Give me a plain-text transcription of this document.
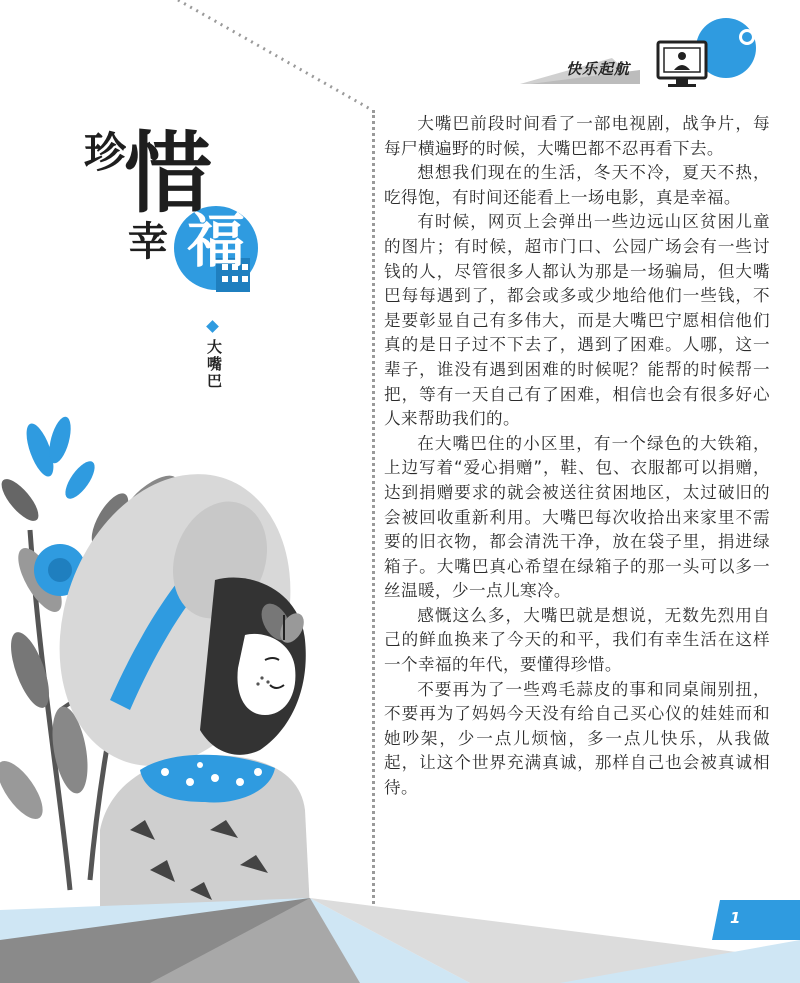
快乐起航
珍
惜
幸 福
大嘴巴

大嘴巴前段时间看了一部电视剧，战争片，每每尸横遍野的时候，大嘴巴都不忍再看下去。

想想我们现在的生活，冬天不冷，夏天不热，吃得饱，有时间还能看上一场电影，真是幸福。

有时候，网页上会弹出一些边远山区贫困儿童的图片；有时候，超市门口、公园广场会有一些讨钱的人，尽管很多人都认为那是一场骗局，但大嘴巴每每遇到了，都会或多或少地给他们一些钱，不是要彰显自己有多伟大，而是大嘴巴宁愿相信他们真的是日子过不下去了，遇到了困难。人哪，这一辈子，谁没有遇到困难的时候呢？能帮的时候帮一把，等有一天自己有了困难，相信也会有很多好心人来帮助我们的。

在大嘴巴住的小区里，有一个绿色的大铁箱，上边写着“爱心捐赠”，鞋、包、衣服都可以捐赠，达到捐赠要求的就会被送往贫困地区，太过破旧的会被回收重新利用。大嘴巴每次收拾出来家里不需要的旧衣物，都会清洗干净，放在袋子里，捐进绿箱子。大嘴巴真心希望在绿箱子的那一头可以多一丝温暖，少一点儿寒冷。

感慨这么多，大嘴巴就是想说，无数先烈用自己的鲜血换来了今天的和平，我们有幸生活在这样一个幸福的年代，要懂得珍惜。

不要再为了一些鸡毛蒜皮的事和同桌闹别扭，不要再为了妈妈今天没有给自己买心仪的娃娃而和她吵架，少一点儿烦恼，多一点儿快乐，从我做起，让这个世界充满真诚，那样自己也会被真诚相待。

1
